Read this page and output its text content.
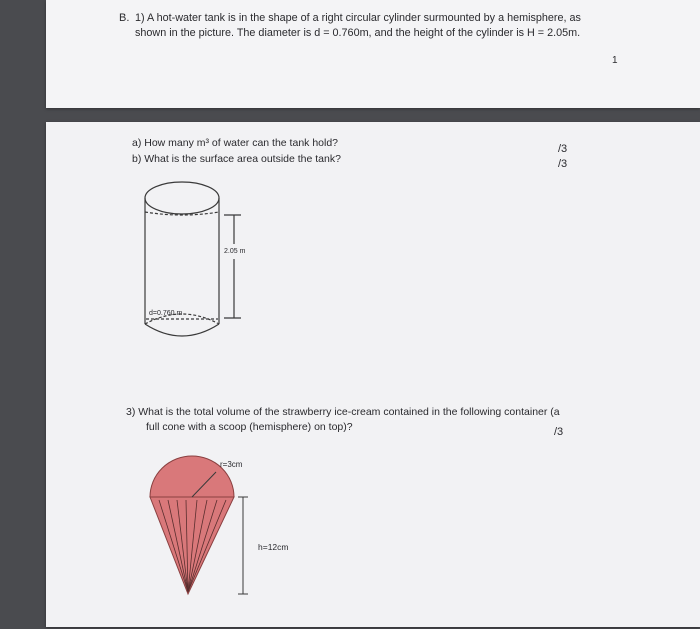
B. 1) A hot-water tank is in the shape of a right circular cylinder surmounted by a hemisphere, as
shown in the picture. The diameter is d = 0.760m, and the height of the cylinder is H = 2.05m.
1
a) How many m³ of water can the tank hold?
b) What is the surface area outside the tank?
/3
/3
2.05 m
d=0.760 m
3) What is the total volume of the strawberry ice-cream contained in the following container (a
full cone with a scoop (hemisphere) on top)?	/3
r=3cm
h=12cm
